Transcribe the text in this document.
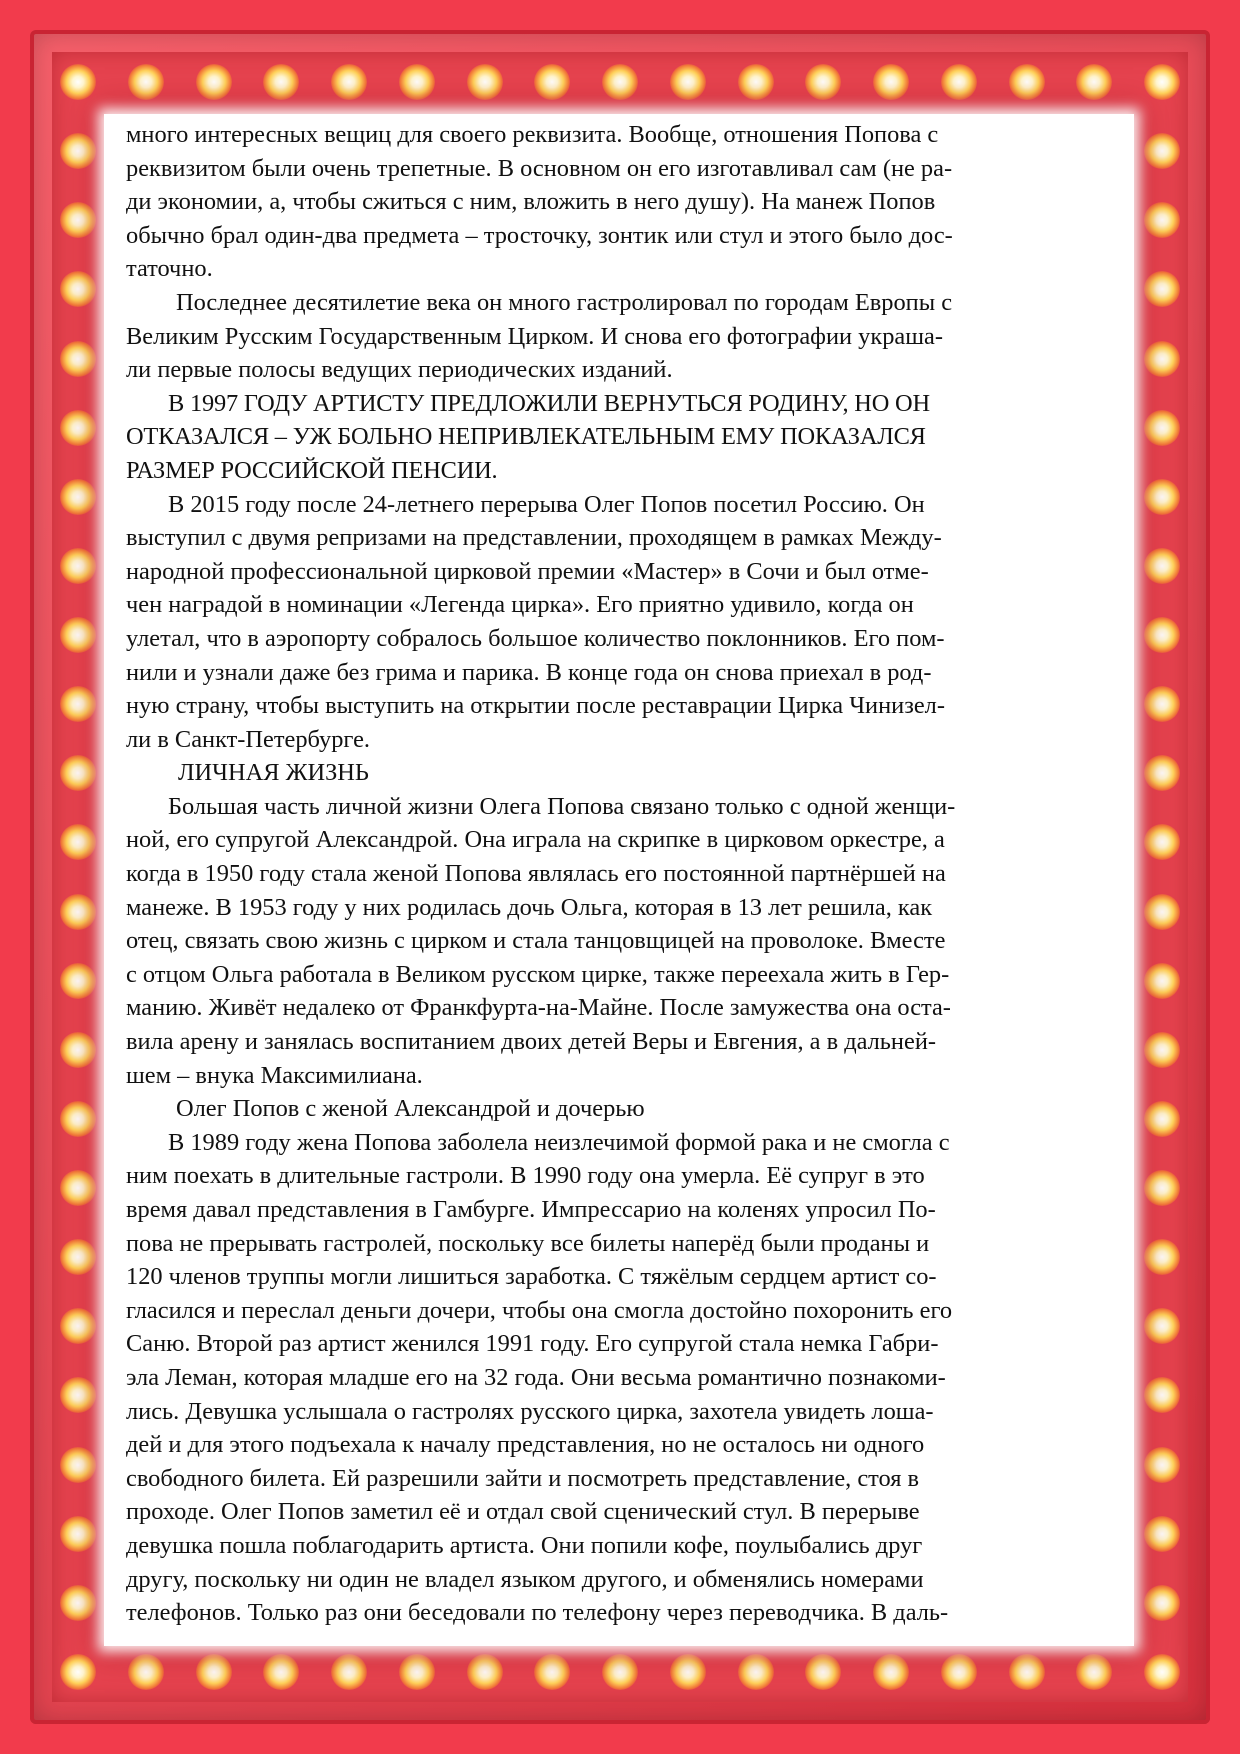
много интересных вещиц для своего реквизита. Вообще, отношения Попова с
реквизитом были очень трепетные. В основном он его изготавливал сам (не ра-
ди экономии, а, чтобы сжиться с ним, вложить в него душу). На манеж Попов
обычно брал один-два предмета – тросточку, зонтик или стул и этого было дос-
таточно.

Последнее десятилетие века он много гастролировал по городам Европы с
Великим Русским Государственным Цирком. И снова его фотографии украша-
ли первые полосы ведущих периодических изданий.

В 1997 ГОДУ АРТИСТУ ПРЕДЛОЖИЛИ ВЕРНУТЬСЯ РОДИНУ, НО ОН
ОТКАЗАЛСЯ – УЖ БОЛЬНО НЕПРИВЛЕКАТЕЛЬНЫМ ЕМУ ПОКАЗАЛСЯ
РАЗМЕР РОССИЙСКОЙ ПЕНСИИ.

В 2015 году после 24-летнего перерыва Олег Попов посетил Россию. Он
выступил с двумя репризами на представлении, проходящем в рамках Между-
народной профессиональной цирковой премии «Мастер» в Сочи и был отме-
чен наградой в номинации «Легенда цирка». Его приятно удивило, когда он
улетал, что в аэропорту собралось большое количество поклонников. Его пом-
нили и узнали даже без грима и парика. В конце года он снова приехал в род-
ную страну, чтобы выступить на открытии после реставрации Цирка Чинизел-
ли в Санкт-Петербурге.

ЛИЧНАЯ ЖИЗНЬ

Большая часть личной жизни Олега Попова связано только с одной женщи-
ной, его супругой Александрой. Она играла на скрипке в цирковом оркестре, а
когда в 1950 году стала женой Попова являлась его постоянной партнёршей на
манеже. В 1953 году у них родилась дочь Ольга, которая в 13 лет решила, как
отец, связать свою жизнь с цирком и стала танцовщицей на проволоке. Вместе
с отцом Ольга работала в Великом русском цирке, также переехала жить в Гер-
манию. Живёт недалеко от Франкфурта-на-Майне. После замужества она оста-
вила арену и занялась воспитанием двоих детей Веры и Евгения, а в дальней-
шем – внука Максимилиана.

Олег Попов с женой Александрой и дочерью

В 1989 году жена Попова заболела неизлечимой формой рака и не смогла с
ним поехать в длительные гастроли. В 1990 году она умерла. Её супруг в это
время давал представления в Гамбурге. Импрессарио на коленях упросил По-
пова не прерывать гастролей, поскольку все билеты наперёд были проданы и
120 членов труппы могли лишиться заработка. С тяжёлым сердцем артист со-
гласился и переслал деньги дочери, чтобы она смогла достойно похоронить его
Саню. Второй раз артист женился 1991 году. Его супругой стала немка Габри-
эла Леман, которая младше его на 32 года. Они весьма романтично познакоми-
лись. Девушка услышала о гастролях русского цирка, захотела увидеть лоша-
дей и для этого подъехала к началу представления, но не осталось ни одного
свободного билета. Ей разрешили зайти и посмотреть представление, стоя в
проходе. Олег Попов заметил её и отдал свой сценический стул. В перерыве
девушка пошла поблагодарить артиста. Они попили кофе, поулыбались друг
другу, поскольку ни один не владел языком другого, и обменялись номерами
телефонов. Только раз они беседовали по телефону через переводчика. В даль-
